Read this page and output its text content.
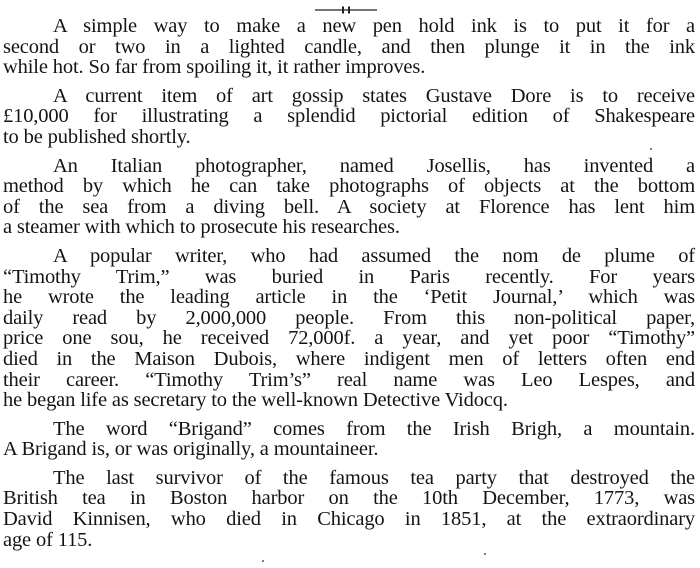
A simple way to make a new pen hold ink is to put it for a
second or two in a lighted candle, and then plunge it in the ink
while hot. So far from spoiling it, it rather improves.

A current item of art gossip states Gustave Dore is to receive
£10,000 for illustrating a splendid pictorial edition of Shakespeare
to be published shortly.

An Italian photographer, named Josellis, has invented a
method by which he can take photographs of objects at the bottom
of the sea from a diving bell. A society at Florence has lent him
a steamer with which to prosecute his researches.

A popular writer, who had assumed the nom de plume of
“Timothy Trim,” was buried in Paris recently. For years
he wrote the leading article in the ‘Petit Journal,’ which was
daily read by 2,000,000 people. From this non-political paper,
price one sou, he received 72,000f. a year, and yet poor “Timothy”
died in the Maison Dubois, where indigent men of letters often end
their career. “Timothy Trim’s” real name was Leo Lespes, and
he began life as secretary to the well-known Detective Vidocq.

The word “Brigand” comes from the Irish Brigh, a mountain.
A Brigand is, or was originally, a mountaineer.

The last survivor of the famous tea party that destroyed the
British tea in Boston harbor on the 10th December, 1773, was
David Kinnisen, who died in Chicago in 1851, at the extraordinary
age of 115.
